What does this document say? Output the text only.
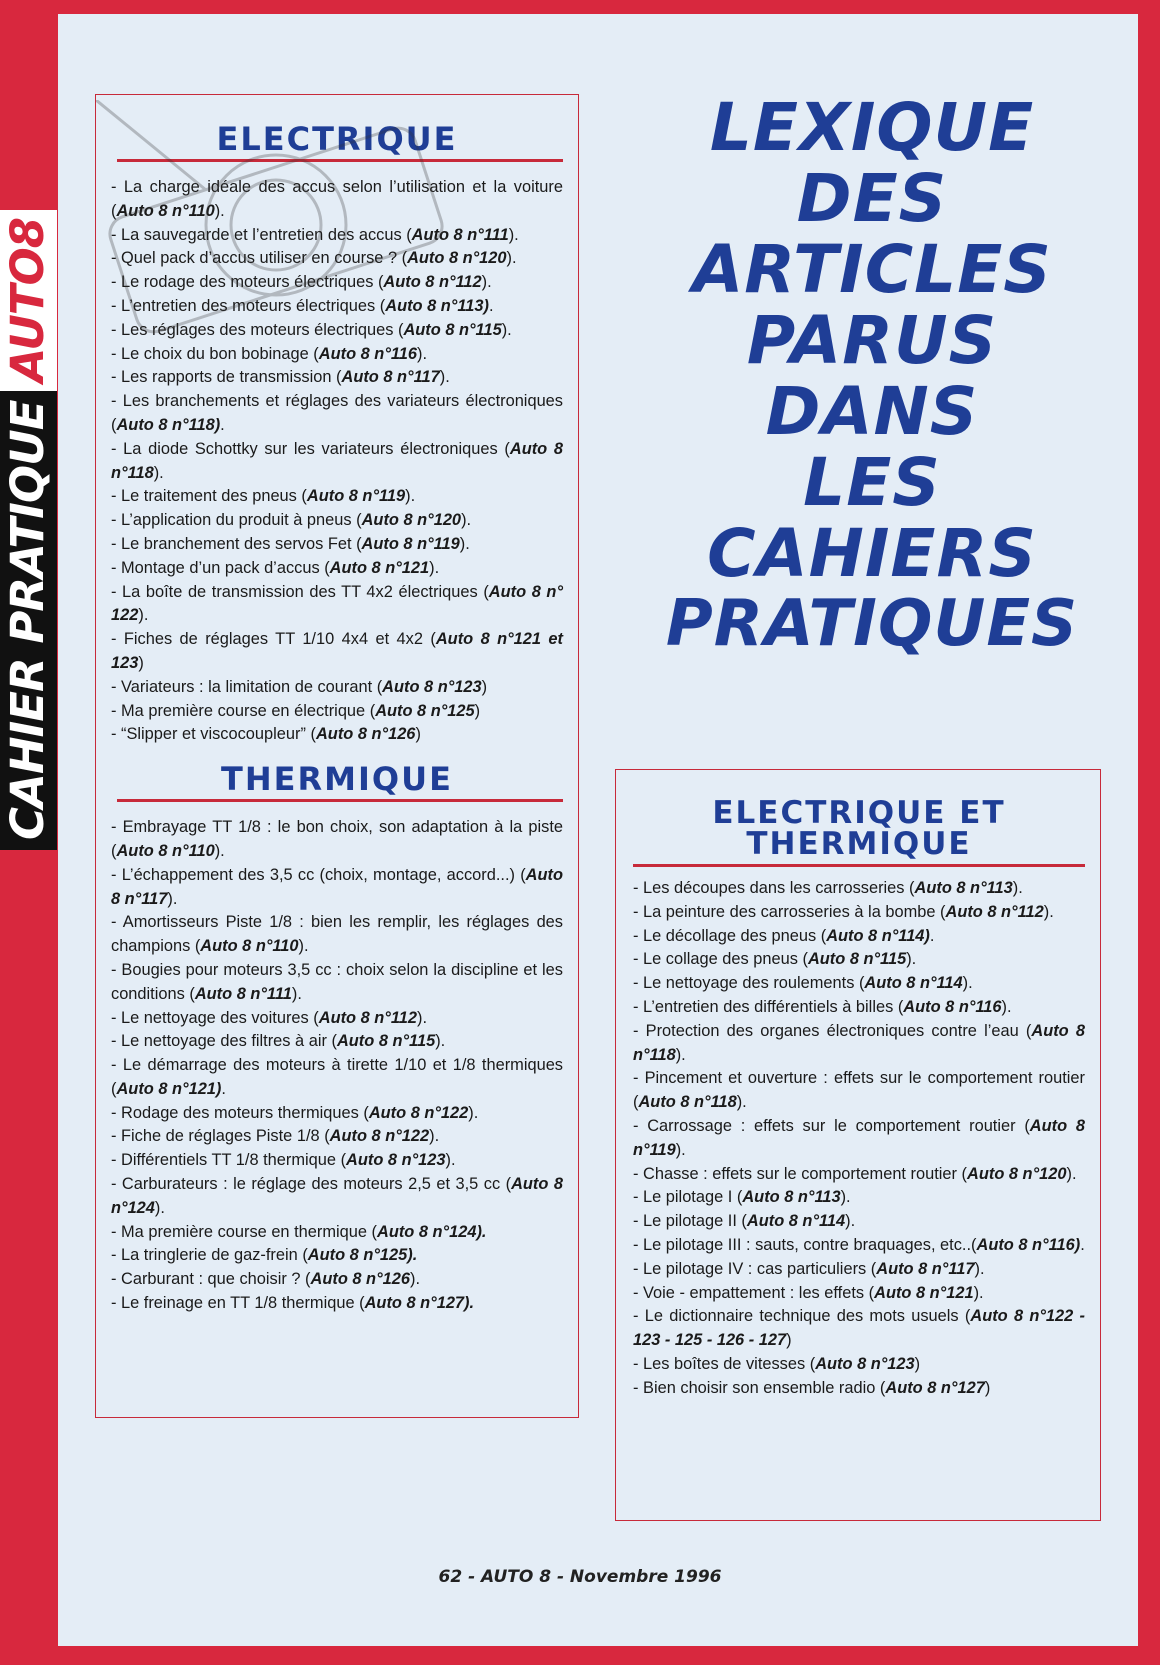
CAHIER PRATIQUE
AUTO8
ELECTRIQUE
- La charge idéale des accus selon l’utilisation et la voiture (Auto 8 n°110).
- La sauvegarde et l’entretien des accus (Auto 8 n°111).
- Quel pack d’accus utiliser en course ? (Auto 8 n°120).
- Le rodage des moteurs électriques (Auto 8 n°112).
- L’entretien des moteurs électriques (Auto 8 n°113).
- Les réglages des moteurs électriques (Auto 8 n°115).
- Le choix du bon bobinage (Auto 8 n°116).
- Les rapports de transmission (Auto 8 n°117).
- Les branchements et réglages des variateurs électroniques (Auto 8 n°118).
- La diode Schottky sur les variateurs électroniques (Auto 8 n°118).
- Le traitement des pneus (Auto 8 n°119).
- L’application du produit à pneus (Auto 8 n°120).
- Le branchement des servos Fet (Auto 8 n°119).
- Montage d’un pack d’accus (Auto 8 n°121).
- La boîte de transmission des TT 4x2 électriques (Auto 8 n° 122).
- Fiches de réglages TT 1/10 4x4 et 4x2 (Auto 8 n°121 et 123)
- Variateurs : la limitation de courant (Auto 8 n°123)
- Ma première course en électrique (Auto 8 n°125)
- “Slipper et viscocoupleur” (Auto 8 n°126)
THERMIQUE
- Embrayage TT 1/8 : le bon choix, son adaptation à la piste (Auto 8 n°110).
- L’échappement des 3,5 cc (choix, montage, accord...) (Auto 8 n°117).
- Amortisseurs Piste 1/8 : bien les remplir, les réglages des champions (Auto 8 n°110).
- Bougies pour moteurs 3,5 cc : choix selon la discipline et les conditions (Auto 8 n°111).
- Le nettoyage des voitures (Auto 8 n°112).
- Le nettoyage des filtres à air (Auto 8 n°115).
- Le démarrage des moteurs à tirette 1/10 et 1/8 thermiques (Auto 8 n°121).
- Rodage des moteurs thermiques (Auto 8 n°122).
- Fiche de réglages Piste 1/8 (Auto 8 n°122).
- Différentiels TT 1/8 thermique (Auto 8 n°123).
- Carburateurs : le réglage des moteurs 2,5 et 3,5 cc (Auto 8 n°124).
- Ma première course en thermique (Auto 8 n°124).
- La tringlerie de gaz-frein (Auto 8 n°125).
- Carburant : que choisir ? (Auto 8 n°126).
- Le freinage en TT 1/8 thermique (Auto 8 n°127).
LEXIQUE
DES
ARTICLES
PARUS
DANS
LES
CAHIERS
PRATIQUES
ELECTRIQUE ET
THERMIQUE
- Les découpes dans les carrosseries (Auto 8 n°113).
- La peinture des carrosseries à la bombe (Auto 8 n°112).
- Le décollage des pneus (Auto 8 n°114).
- Le collage des pneus (Auto 8 n°115).
- Le nettoyage des roulements (Auto 8 n°114).
- L’entretien des différentiels à billes (Auto 8 n°116).
- Protection des organes électroniques contre l’eau (Auto 8 n°118).
- Pincement et ouverture : effets sur le comportement routier (Auto 8 n°118).
- Carrossage : effets sur le comportement routier (Auto 8 n°119).
- Chasse : effets sur le comportement routier (Auto 8 n°120).
- Le pilotage I (Auto 8 n°113).
- Le pilotage II (Auto 8 n°114).
- Le pilotage III : sauts, contre braquages, etc..(Auto 8 n°116).
- Le pilotage IV : cas particuliers (Auto 8 n°117).
- Voie - empattement : les effets (Auto 8 n°121).
- Le dictionnaire technique des mots usuels (Auto 8 n°122 - 123 - 125 - 126 - 127)
- Les boîtes de vitesses (Auto 8 n°123)
- Bien choisir son ensemble radio (Auto 8 n°127)
62 - AUTO 8 - Novembre 1996
